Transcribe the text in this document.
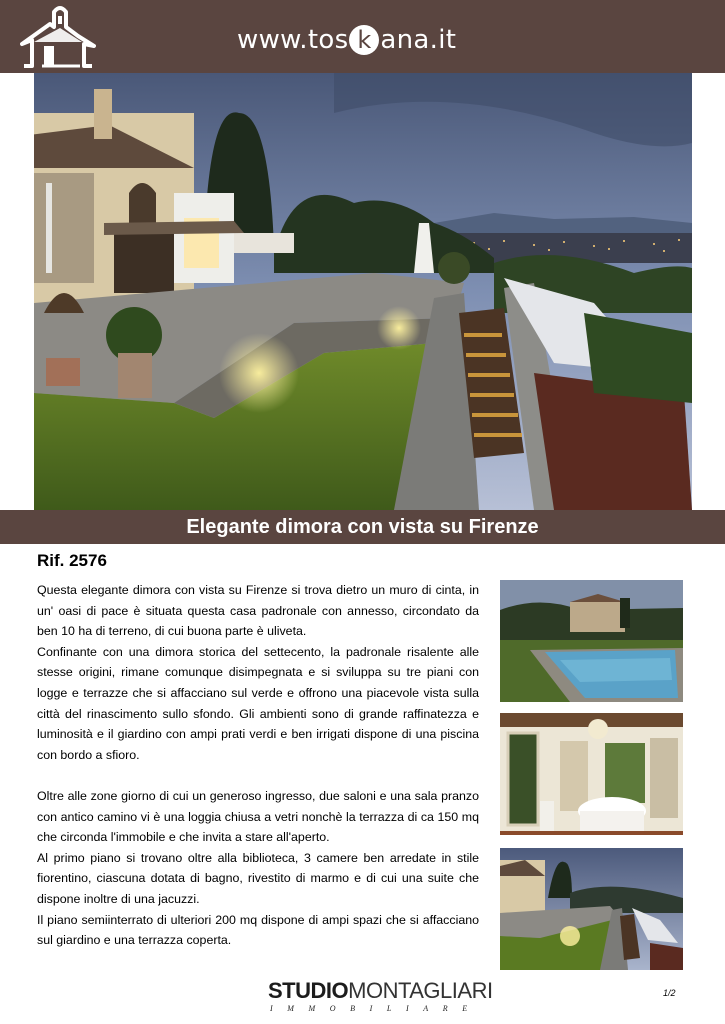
www.tos k ana.it
Elegante dimora con vista su Firenze
Rif. 2576

Questa elegante dimora con vista su Firenze si trova dietro un muro di cinta, in un' oasi di pace è situata questa casa padronale con annesso, circondato da ben 10 ha di terreno, di cui buona parte è uliveta.

Confinante con una dimora storica del settecento, la padronale risalente alle stesse origini, rimane comunque disimpegnata e si sviluppa su tre piani con logge e terrazze che si affacciano sul verde e offrono una piacevole vista sulla città del rinascimento sullo sfondo. Gli ambienti sono di grande raffinatezza e luminosità e il giardino con ampi prati verdi e ben irrigati dispone di una piscina con bordo a sfioro.

Oltre alle zone giorno di cui un generoso ingresso, due saloni e una sala pranzo con antico camino vi è una loggia chiusa a vetri nonchè la terrazza di ca 150 mq che circonda l'immobile e che invita a stare all'aperto.

Al primo piano si trovano oltre alla biblioteca, 3 camere ben arredate in stile fiorentino, ciascuna dotata di bagno, rivestito di marmo e di cui una suite che dispone inoltre di una jacuzzi.

Il piano semiinterrato di ulteriori 200 mq dispone di ampi spazi che si affacciano sul giardino e una terrazza coperta.

STUDIOMONTAGLIARI
IMMOBILIARE
1/2
